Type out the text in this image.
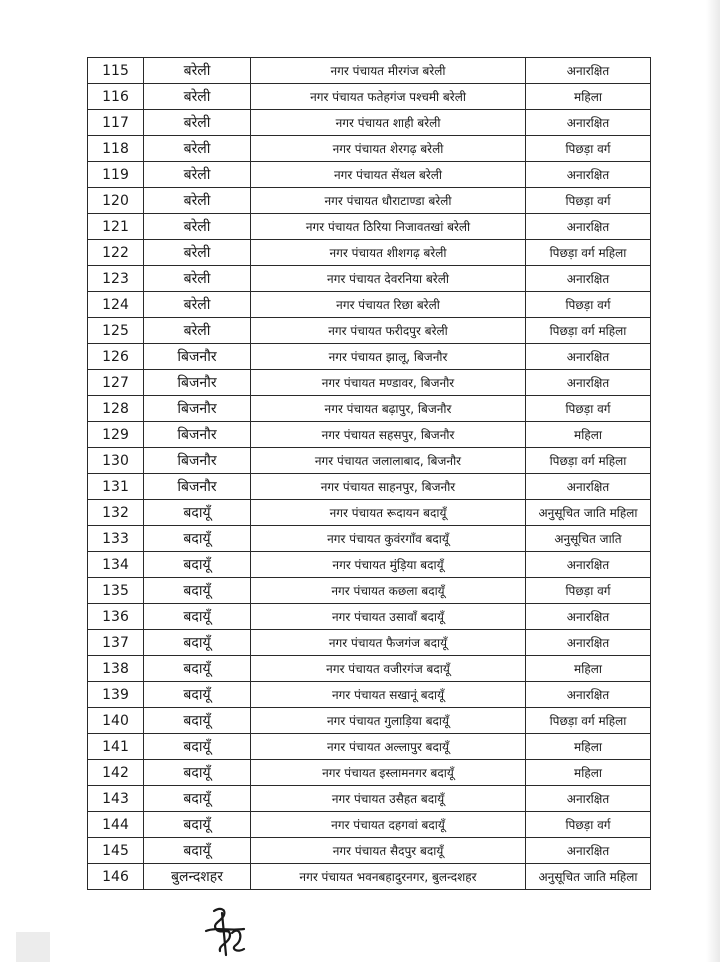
115	बरेली	नगर पंचायत मीरगंज बरेली	अनारक्षित
116	बरेली	नगर पंचायत फतेहगंज पश्चमी बरेली	महिला
117	बरेली	नगर पंचायत शाही बरेली	अनारक्षित
118	बरेली	नगर पंचायत शेरगढ़ बरेली	पिछड़ा वर्ग
119	बरेली	नगर पंचायत सेंथल बरेली	अनारक्षित
120	बरेली	नगर पंचायत धौराटाण्डा बरेली	पिछड़ा वर्ग
121	बरेली	नगर पंचायत ठिरिया निजावतखां बरेली	अनारक्षित
122	बरेली	नगर पंचायत शीशगढ़ बरेली	पिछड़ा वर्ग महिला
123	बरेली	नगर पंचायत देवरनिया बरेली	अनारक्षित
124	बरेली	नगर पंचायत रिछा बरेली	पिछड़ा वर्ग
125	बरेली	नगर पंचायत फरीदपुर बरेली	पिछड़ा वर्ग महिला
126	बिजनौर	नगर पंचायत झालू, बिजनौर	अनारक्षित
127	बिजनौर	नगर पंचायत मण्डावर, बिजनौर	अनारक्षित
128	बिजनौर	नगर पंचायत बढ़ापुर, बिजनौर	पिछड़ा वर्ग
129	बिजनौर	नगर पंचायत सहसपुर, बिजनौर	महिला
130	बिजनौर	नगर पंचायत जलालाबाद, बिजनौर	पिछड़ा वर्ग महिला
131	बिजनौर	नगर पंचायत साहनपुर, बिजनौर	अनारक्षित
132	बदायूँ	नगर पंचायत रूदायन बदायूँ	अनुसूचित जाति महिला
133	बदायूँ	नगर पंचायत कुवंरगाँव बदायूँ	अनुसूचित जाति
134	बदायूँ	नगर पंचायत मुंड़िया बदायूँ	अनारक्षित
135	बदायूँ	नगर पंचायत कछला बदायूँ	पिछड़ा वर्ग
136	बदायूँ	नगर पंचायत उसावाँ बदायूँ	अनारक्षित
137	बदायूँ	नगर पंचायत फैजगंज बदायूँ	अनारक्षित
138	बदायूँ	नगर पंचायत वजीरगंज बदायूँ	महिला
139	बदायूँ	नगर पंचायत सखानूं बदायूँ	अनारक्षित
140	बदायूँ	नगर पंचायत गुलाड़िया बदायूँ	पिछड़ा वर्ग महिला
141	बदायूँ	नगर पंचायत अल्लापुर बदायूँ	महिला
142	बदायूँ	नगर पंचायत इस्लामनगर बदायूँ	महिला
143	बदायूँ	नगर पंचायत उसैहत बदायूँ	अनारक्षित
144	बदायूँ	नगर पंचायत दहगवां बदायूँ	पिछड़ा वर्ग
145	बदायूँ	नगर पंचायत सैदपुर बदायूँ	अनारक्षित
146	बुलन्दशहर	नगर पंचायत भवनबहादुरनगर, बुलन्दशहर	अनुसूचित जाति महिला
